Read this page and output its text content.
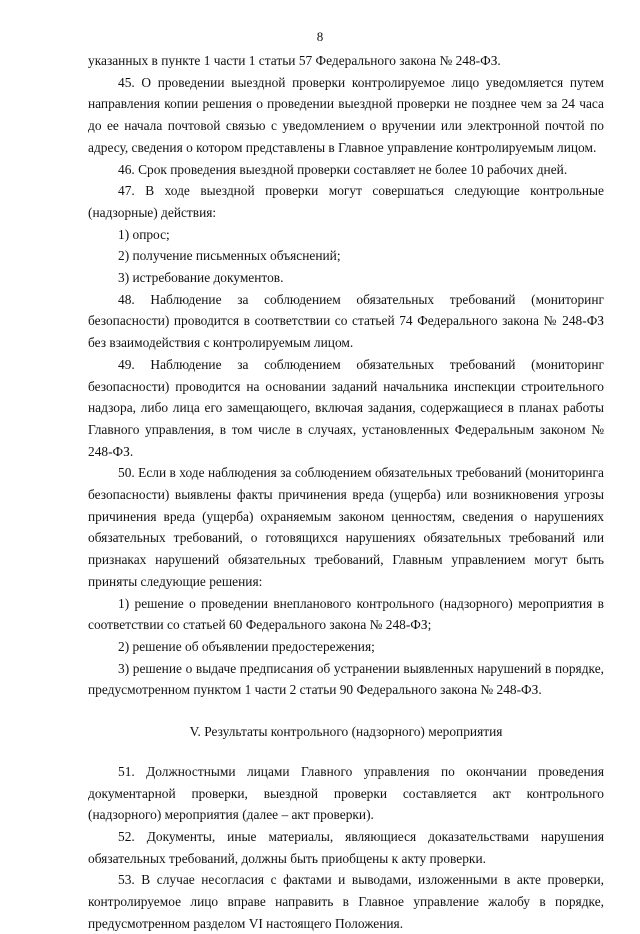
8

указанных в пункте 1 части 1 статьи 57 Федерального закона № 248-ФЗ.

45. О проведении выездной проверки контролируемое лицо уведомляется путем направления копии решения о проведении выездной проверки не позднее чем за 24 часа до ее начала почтовой связью с уведомлением о вручении или электронной почтой по адресу, сведения о котором представлены в Главное управление контролируемым лицом.

46. Срок проведения выездной проверки составляет не более 10 рабочих дней.

47. В ходе выездной проверки могут совершаться следующие контрольные (надзорные) действия:

1) опрос;

2) получение письменных объяснений;

3) истребование документов.

48. Наблюдение за соблюдением обязательных требований (мониторинг безопасности) проводится в соответствии со статьей 74 Федерального закона № 248-ФЗ без взаимодействия с контролируемым лицом.

49. Наблюдение за соблюдением обязательных требований (мониторинг безопасности) проводится на основании заданий начальника инспекции строительного надзора, либо лица его замещающего, включая задания, содержащиеся в планах работы Главного управления, в том числе в случаях, установленных Федеральным законом № 248-ФЗ.

50. Если в ходе наблюдения за соблюдением обязательных требований (мониторинга безопасности) выявлены факты причинения вреда (ущерба) или возникновения угрозы причинения вреда (ущерба) охраняемым законом ценностям, сведения о нарушениях обязательных требований, о готовящихся нарушениях обязательных требований или признаках нарушений обязательных требований, Главным управлением могут быть приняты следующие решения:

1) решение о проведении внепланового контрольного (надзорного) мероприятия в соответствии со статьей 60 Федерального закона № 248-ФЗ;

2) решение об объявлении предостережения;

3) решение о выдаче предписания об устранении выявленных нарушений в порядке, предусмотренном пунктом 1 части 2 статьи 90 Федерального закона № 248-ФЗ.

V. Результаты контрольного (надзорного) мероприятия

51. Должностными лицами Главного управления по окончании проведения документарной проверки, выездной проверки составляется акт контрольного (надзорного) мероприятия (далее – акт проверки).

52. Документы, иные материалы, являющиеся доказательствами нарушения обязательных требований, должны быть приобщены к акту проверки.

53. В случае несогласия с фактами и выводами, изложенными в акте проверки, контролируемое лицо вправе направить в Главное управление жалобу в порядке, предусмотренном разделом VI настоящего Положения.
